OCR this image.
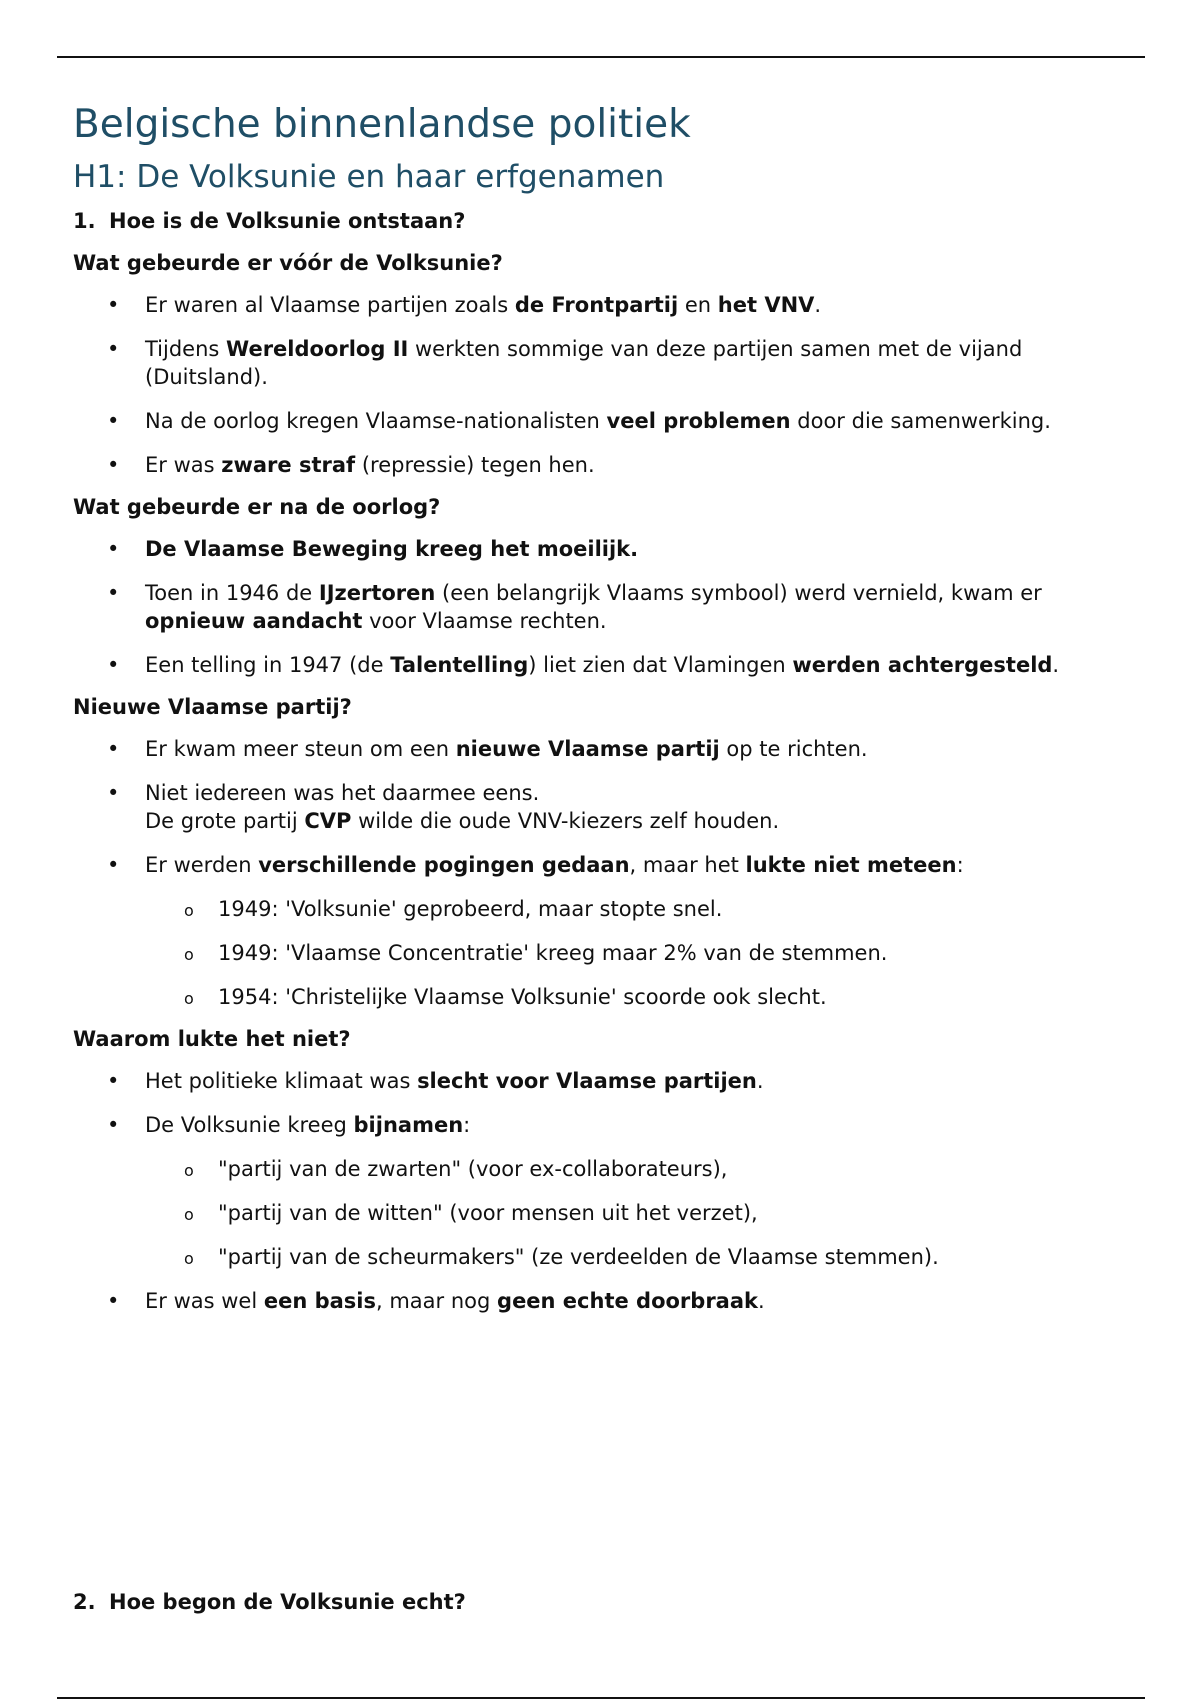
Belgische binnenlandse politiek
H1: De Volksunie en haar erfgenamen
1. Hoe is de Volksunie ontstaan?
Wat gebeurde er vóór de Volksunie?
• Er waren al Vlaamse partijen zoals de Frontpartij en het VNV.
• Tijdens Wereldoorlog II werkten sommige van deze partijen samen met de vijand (Duitsland).
• Na de oorlog kregen Vlaamse-nationalisten veel problemen door die samenwerking.
• Er was zware straf (repressie) tegen hen.
Wat gebeurde er na de oorlog?
• De Vlaamse Beweging kreeg het moeilijk.
• Toen in 1946 de IJzertoren (een belangrijk Vlaams symbool) werd vernield, kwam er opnieuw aandacht voor Vlaamse rechten.
• Een telling in 1947 (de Talentelling) liet zien dat Vlamingen werden achtergesteld.
Nieuwe Vlaamse partij?
• Er kwam meer steun om een nieuwe Vlaamse partij op te richten.
• Niet iedereen was het daarmee eens.
De grote partij CVP wilde die oude VNV-kiezers zelf houden.
• Er werden verschillende pogingen gedaan, maar het lukte niet meteen:
o 1949: 'Volksunie' geprobeerd, maar stopte snel.
o 1949: 'Vlaamse Concentratie' kreeg maar 2% van de stemmen.
o 1954: 'Christelijke Vlaamse Volksunie' scoorde ook slecht.
Waarom lukte het niet?
• Het politieke klimaat was slecht voor Vlaamse partijen.
• De Volksunie kreeg bijnamen:
o "partij van de zwarten" (voor ex-collaborateurs),
o "partij van de witten" (voor mensen uit het verzet),
o "partij van de scheurmakers" (ze verdeelden de Vlaamse stemmen).
• Er was wel een basis, maar nog geen echte doorbraak.
2. Hoe begon de Volksunie echt?
